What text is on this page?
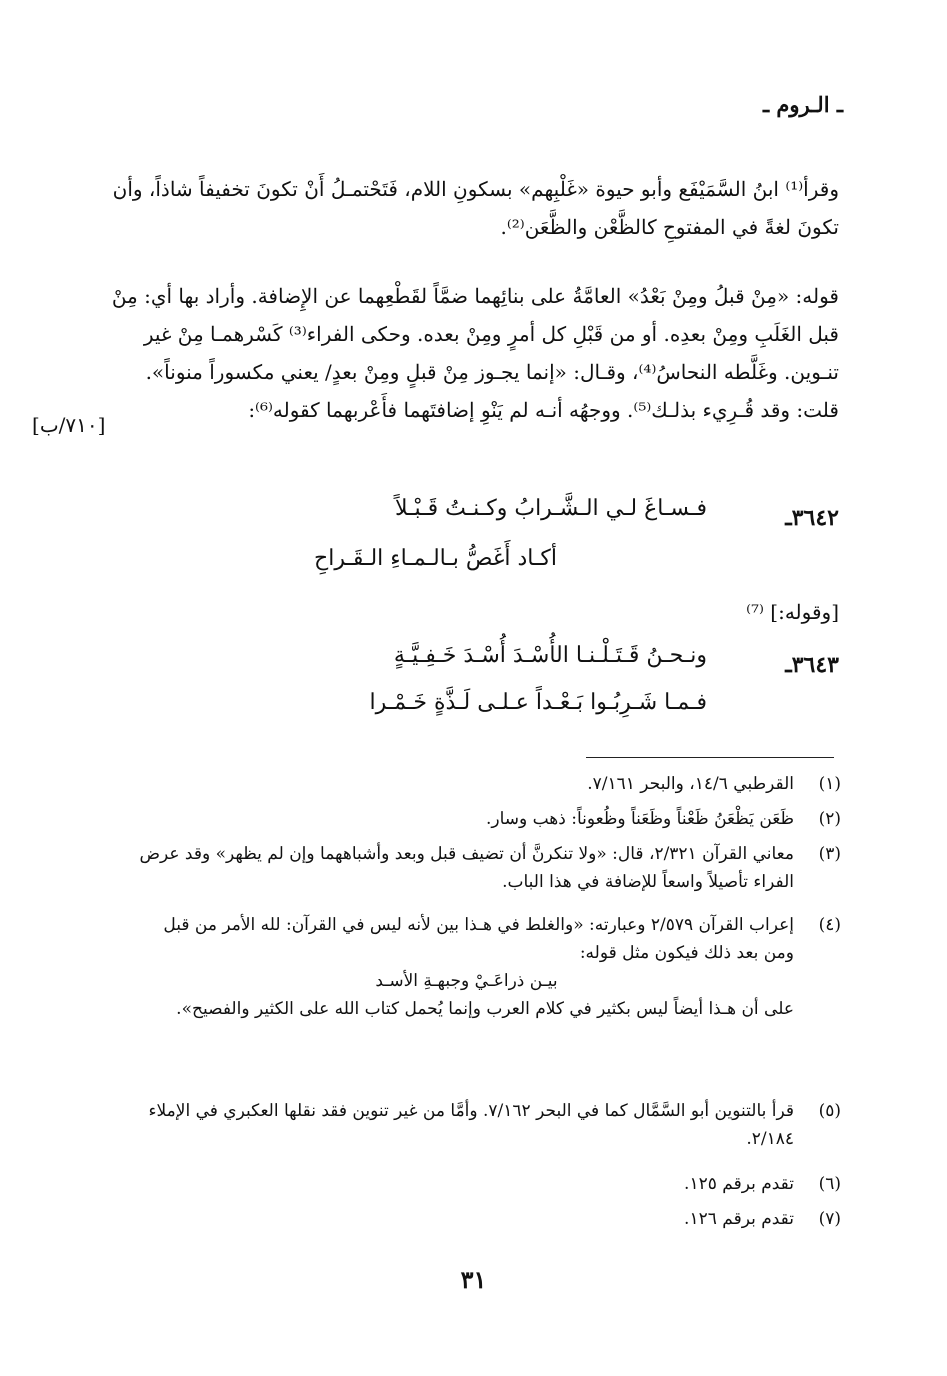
ـ الـروم ـ
وقرأ⁽¹⁾ ابنُ السَّمَيْفَع وأبو حيوة «غَلْبِهم» بسكونِ اللام، فَتَحْتمـلُ أَنْ تكونَ تخفيفاً شاذاً، وأن تكونَ لغةً في المفتوحِ كالظَّعْن والظَّعَن⁽²⁾.
قوله: «مِنْ قبلُ ومِنْ بَعْدُ» العامَّةُ على بنائِهما ضمَّاً لقَطْعِهما عن الإِضافة. وأراد بها أي: مِنْ قبل الغَلَبِ ومِنْ بعدِه. أو من قَبْلِ كل أمرٍ ومِنْ بعده. وحكى الفراء⁽³⁾ كَسْرهمـا مِنْ غير تنـوين. وغَلَّطه النحاسُ⁽⁴⁾، وقـال: «إنما يجـوز مِنْ قبلٍ ومِنْ بعدٍ/ يعني مكسوراً منوناً». قلت: وقد قُـرِيء بذلـك⁽⁵⁾. ووجهُه أنـه لم يَنْوِ إضافتَهما فأَعْربهما كقوله⁽⁶⁾:
[٧١٠/ب]
٣٦٤٢ـ
فـسـاغَ لـي الـشَّـرابُ وكـنـتُ قَـبْـلاً
أكـاد أَغَصُّ بـالـمـاءِ الـقَـراحِ
[وقوله:] ⁽⁷⁾
٣٦٤٣ـ
ونـحـنُ قَـتَـلْـنـا الأُسْـدَ أُسْـدَ خَـفِـيَّـةٍ
فـمـا شَـرِبُـوا بَـعْـداً عـلـى لَـذَّةٍ خَـمْـرا
(١)
القرطبي ١٤/٦، والبحر ٧/١٦١.
(٢)
ظَعَن يَظْعَنُ ظَعْناً وظَعَناً وظُعوناً: ذهب وسار.
(٣)
معاني القرآن ٢/٣٢١، قال: «ولا تنكرنَّ أن تضيف قبل وبعد وأشباههما وإن لم يظهر» وقد عرض الفراء تأصيلاً واسعاً للإضافة في هذا الباب.
(٤)
إعراب القرآن ٢/٥٧٩ وعبارته: «والغلط في هـذا بين لأنه ليس في القرآن: لله الأمر من قبل ومن بعد ذلك فيكون مثل قوله:
بيـن ذراعَـيْ وجبهـةِ الأسـد
على أن هـذا أيضاً ليس بكثير في كلام العرب وإنما يُحمل كتاب الله على الكثير والفصيح».
(٥)
قرأ بالتنوين أبو السَّمَّال كما في البحر ٧/١٦٢. وأمَّا من غير تنوين فقد نقلها العكبري في الإملاء ٢/١٨٤.
(٦)
تقدم برقم ١٢٥.
(٧)
تقدم برقم ١٢٦.
٣١
